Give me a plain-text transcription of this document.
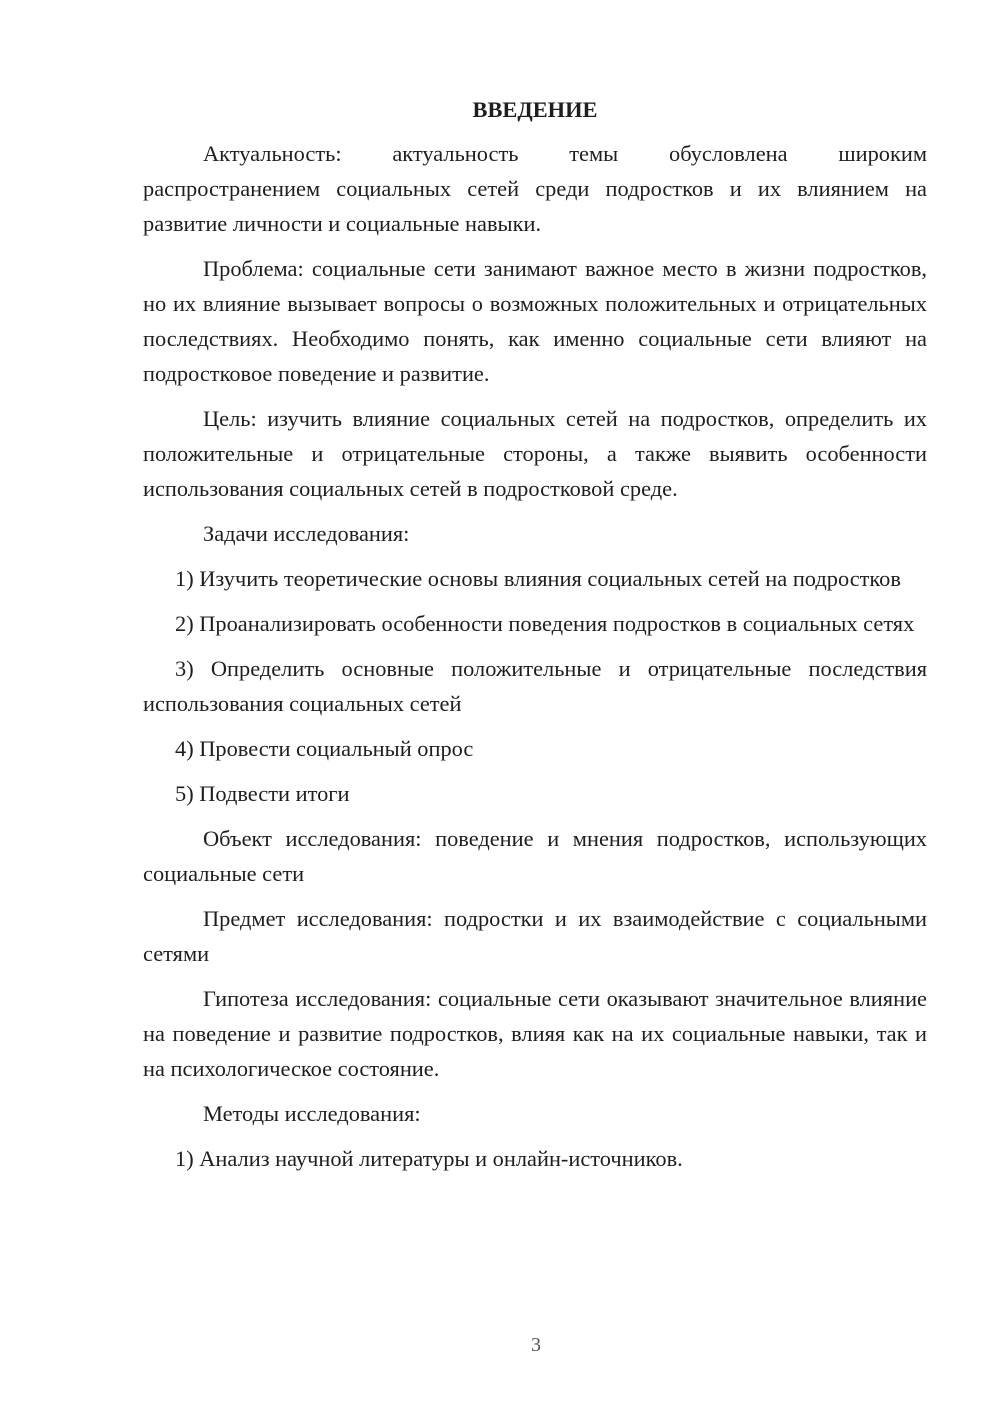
ВВЕДЕНИЕ

Актуальность: актуальность темы обусловлена широким распространением социальных сетей среди подростков и их влиянием на развитие личности и социальные навыки.

Проблема: социальные сети занимают важное место в жизни подростков, но их влияние вызывает вопросы о возможных положительных и отрицательных последствиях. Необходимо понять, как именно социальные сети влияют на подростковое поведение и развитие.

Цель: изучить влияние социальных сетей на подростков, определить их положительные и отрицательные стороны, а также выявить особенности использования социальных сетей в подростковой среде.

Задачи исследования:

1) Изучить теоретические основы влияния социальных сетей на подростков

2) Проанализировать особенности поведения подростков в социальных сетях

3) Определить основные положительные и отрицательные последствия использования социальных сетей

4) Провести социальный опрос

5) Подвести итоги

Объект исследования: поведение и мнения подростков, использующих социальные сети

Предмет исследования: подростки и их взаимодействие с социальными сетями

Гипотеза исследования: социальные сети оказывают значительное влияние на поведение и развитие подростков, влияя как на их социальные навыки, так и на психологическое состояние.

Методы исследования:

1) Анализ научной литературы и онлайн-источников.

3
